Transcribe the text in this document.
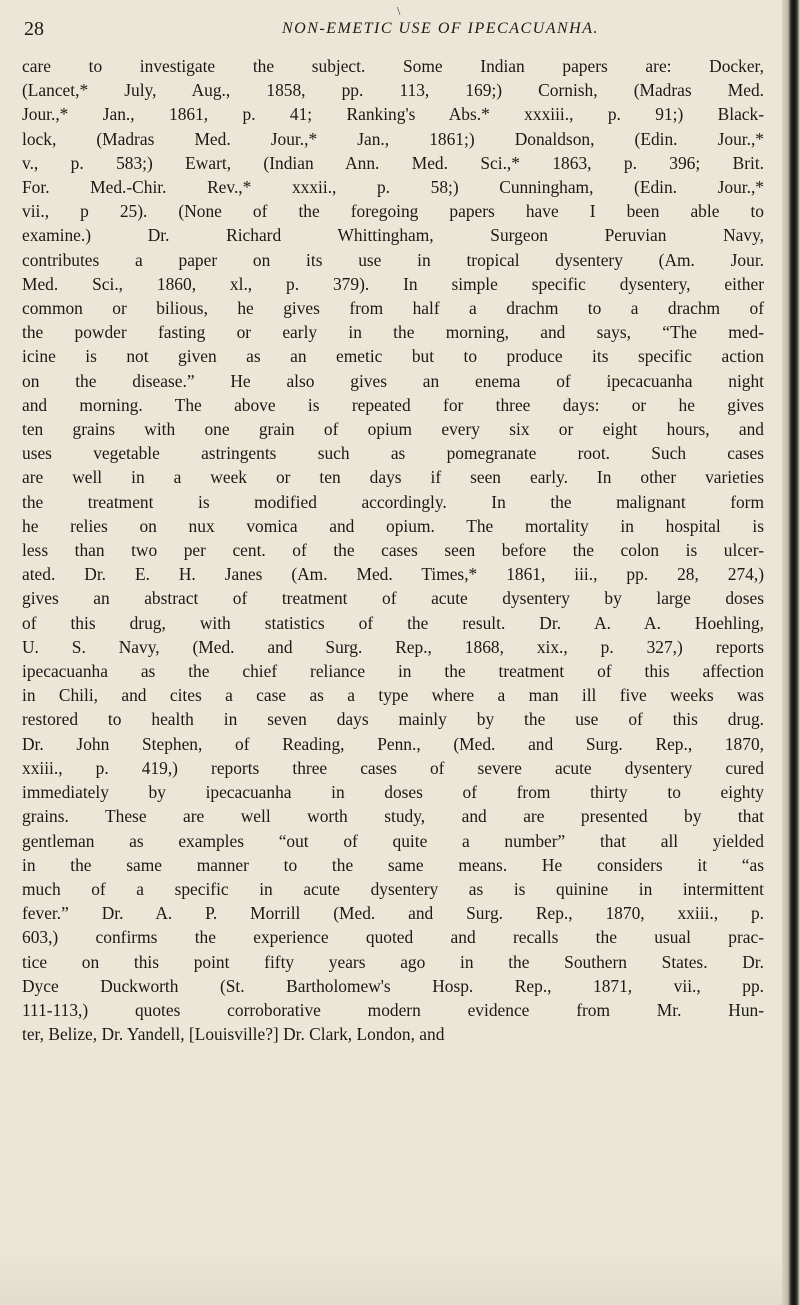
\
28	NON-EMETIC USE OF IPECACUANHA.
care to investigate the subject. Some Indian papers are: Docker,
(Lancet,* July, Aug., 1858, pp. 113, 169;) Cornish, (Madras Med.
Jour.,* Jan., 1861, p. 41; Ranking's Abs.* xxxiii., p. 91;) Black-
lock, (Madras Med. Jour.,* Jan., 1861;) Donaldson, (Edin. Jour.,*
v., p. 583;) Ewart, (Indian Ann. Med. Sci.,* 1863, p. 396; Brit.
For. Med.-Chir. Rev.,* xxxii., p. 58;) Cunningham, (Edin. Jour.,*
vii., p 25). (None of the foregoing papers have I been able to
examine.) Dr. Richard Whittingham, Surgeon Peruvian Navy,
contributes a paper on its use in tropical dysentery (Am. Jour.
Med. Sci., 1860, xl., p. 379). In simple specific dysentery, either
common or bilious, he gives from half a drachm to a drachm of
the powder fasting or early in the morning, and says, “The med-
icine is not given as an emetic but to produce its specific action
on the disease.” He also gives an enema of ipecacuanha night
and morning. The above is repeated for three days: or he gives
ten grains with one grain of opium every six or eight hours, and
uses vegetable astringents such as pomegranate root. Such cases
are well in a week or ten days if seen early. In other varieties
the treatment is modified accordingly. In the malignant form
he relies on nux vomica and opium. The mortality in hospital is
less than two per cent. of the cases seen before the colon is ulcer-
ated. Dr. E. H. Janes (Am. Med. Times,* 1861, iii., pp. 28, 274,)
gives an abstract of treatment of acute dysentery by large doses
of this drug, with statistics of the result. Dr. A. A. Hoehling,
U. S. Navy, (Med. and Surg. Rep., 1868, xix., p. 327,) reports
ipecacuanha as the chief reliance in the treatment of this affection
in Chili, and cites a case as a type where a man ill five weeks was
restored to health in seven days mainly by the use of this drug.
Dr. John Stephen, of Reading, Penn., (Med. and Surg. Rep., 1870,
xxiii., p. 419,) reports three cases of severe acute dysentery cured
immediately by ipecacuanha in doses of from thirty to eighty
grains. These are well worth study, and are presented by that
gentleman as examples “out of quite a number” that all yielded
in the same manner to the same means. He considers it “as
much of a specific in acute dysentery as is quinine in intermittent
fever.” Dr. A. P. Morrill (Med. and Surg. Rep., 1870, xxiii., p.
603,) confirms the experience quoted and recalls the usual prac-
tice on this point fifty years ago in the Southern States. Dr.
Dyce Duckworth (St. Bartholomew's Hosp. Rep., 1871, vii., pp.
111-113,) quotes corroborative modern evidence from Mr. Hun-
ter, Belize, Dr. Yandell, [Louisville?] Dr. Clark, London, and
